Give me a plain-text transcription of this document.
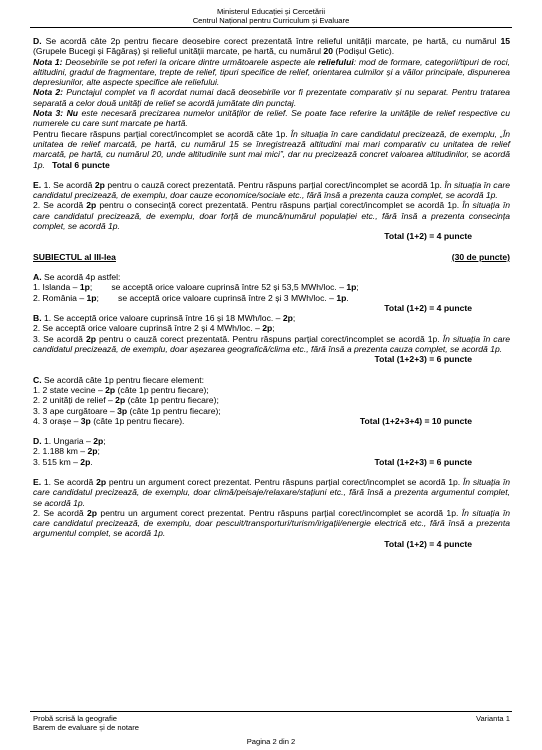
Ministerul Educației și Cercetării
Centrul Național pentru Curriculum și Evaluare

D. Se acordă câte 2p pentru fiecare deosebire corect prezentată între relieful unității marcate, pe hartă, cu numărul 15 (Grupele Bucegi și Făgăraș) și relieful unității marcate, pe hartă, cu numărul 20 (Podișul Getic).

Nota 1: Deosebirile se pot referi la oricare dintre următoarele aspecte ale reliefului: mod de formare, categorii/tipuri de roci, altitudini, gradul de fragmentare, trepte de relief, tipuri specifice de relief, orientarea culmilor și a văilor principale, dispunerea depresiunilor, alte aspecte specifice ale reliefului.

Nota 2: Punctajul complet va fi acordat numai dacă deosebirile vor fi prezentate comparativ și nu separat. Pentru tratarea separată a celor două unități de relief se acordă jumătate din punctaj.

Nota 3: Nu este necesară precizarea numelor unităților de relief. Se poate face referire la unitățile de relief respective cu numerele cu care sunt marcate pe hartă.

Pentru fiecare răspuns parțial corect/incomplet se acordă câte 1p. În situația în care candidatul precizează, de exemplu, „În unitatea de relief marcată, pe hartă, cu numărul 15 se înregistrează altitudini mai mari comparativ cu unitatea de relief marcată, pe hartă, cu numărul 20, unde altitudinile sunt mai mici”, dar nu precizează concret valoarea altitudinilor, se acordă 1p. Total 6 puncte

E. 1. Se acordă 2p pentru o cauză corect prezentată. Pentru răspuns parțial corect/incomplet se acordă 1p. În situația în care candidatul precizează, de exemplu, doar cauze economice/sociale etc., fără însă a prezenta cauza complet, se acordă 1p.

2. Se acordă 2p pentru o consecință corect prezentată. Pentru răspuns parțial corect/incomplet se acordă 1p. În situația în care candidatul precizează, de exemplu, doar forță de muncă/numărul populației etc., fără însă a prezenta consecința complet, se acordă 1p.

Total (1+2) = 4 puncte

SUBIECTUL al III-lea	(30 de puncte)

A. Se acordă 4p astfel:

1. Islanda – 1p;        se acceptă orice valoare cuprinsă între 52 și 53,5 MWh/loc. – 1p;

2. România – 1p;        se acceptă orice valoare cuprinsă între 2 și 3 MWh/loc. – 1p.

Total (1+2) = 4 puncte

B. 1. Se acceptă orice valoare cuprinsă între 16 și 18 MWh/loc. – 2p;

2. Se acceptă orice valoare cuprinsă între 2 și 4 MWh/loc. – 2p;

3. Se acordă 2p pentru o cauză corect prezentată. Pentru răspuns parțial corect/incomplet se acordă 1p. În situația în care candidatul precizează, de exemplu, doar așezarea geografică/clima etc., fără însă a prezenta cauza complet, se acordă 1p.

Total (1+2+3) = 6 puncte

C. Se acordă câte 1p pentru fiecare element:

1. 2 state vecine – 2p (câte 1p pentru fiecare);

2. 2 unități de relief – 2p (câte 1p pentru fiecare);

3. 3 ape curgătoare – 3p (câte 1p pentru fiecare);

4. 3 orașe – 3p (câte 1p pentru fiecare).	Total (1+2+3+4) = 10 puncte

D. 1. Ungaria – 2p;

2. 1.188 km – 2p;

3. 515 km – 2p.	Total (1+2+3) = 6 puncte

E. 1. Se acordă 2p pentru un argument corect prezentat. Pentru răspuns parțial corect/incomplet se acordă 1p. În situația în care candidatul precizează, de exemplu, doar climă/peisaje/relaxare/stațiuni etc., fără însă a prezenta argumentul complet, se acordă 1p.

2. Se acordă 2p pentru un argument corect prezentat. Pentru răspuns parțial corect/incomplet se acordă 1p. În situația în care candidatul precizează, de exemplu, doar pescuit/transporturi/turism/irigații/energie electrică etc., fără însă a prezenta argumentul complet, se acordă 1p.

Total (1+2) = 4 puncte

Probă scrisă la geografie	Varianta 1
Barem de evaluare și de notare
Pagina 2 din 2
